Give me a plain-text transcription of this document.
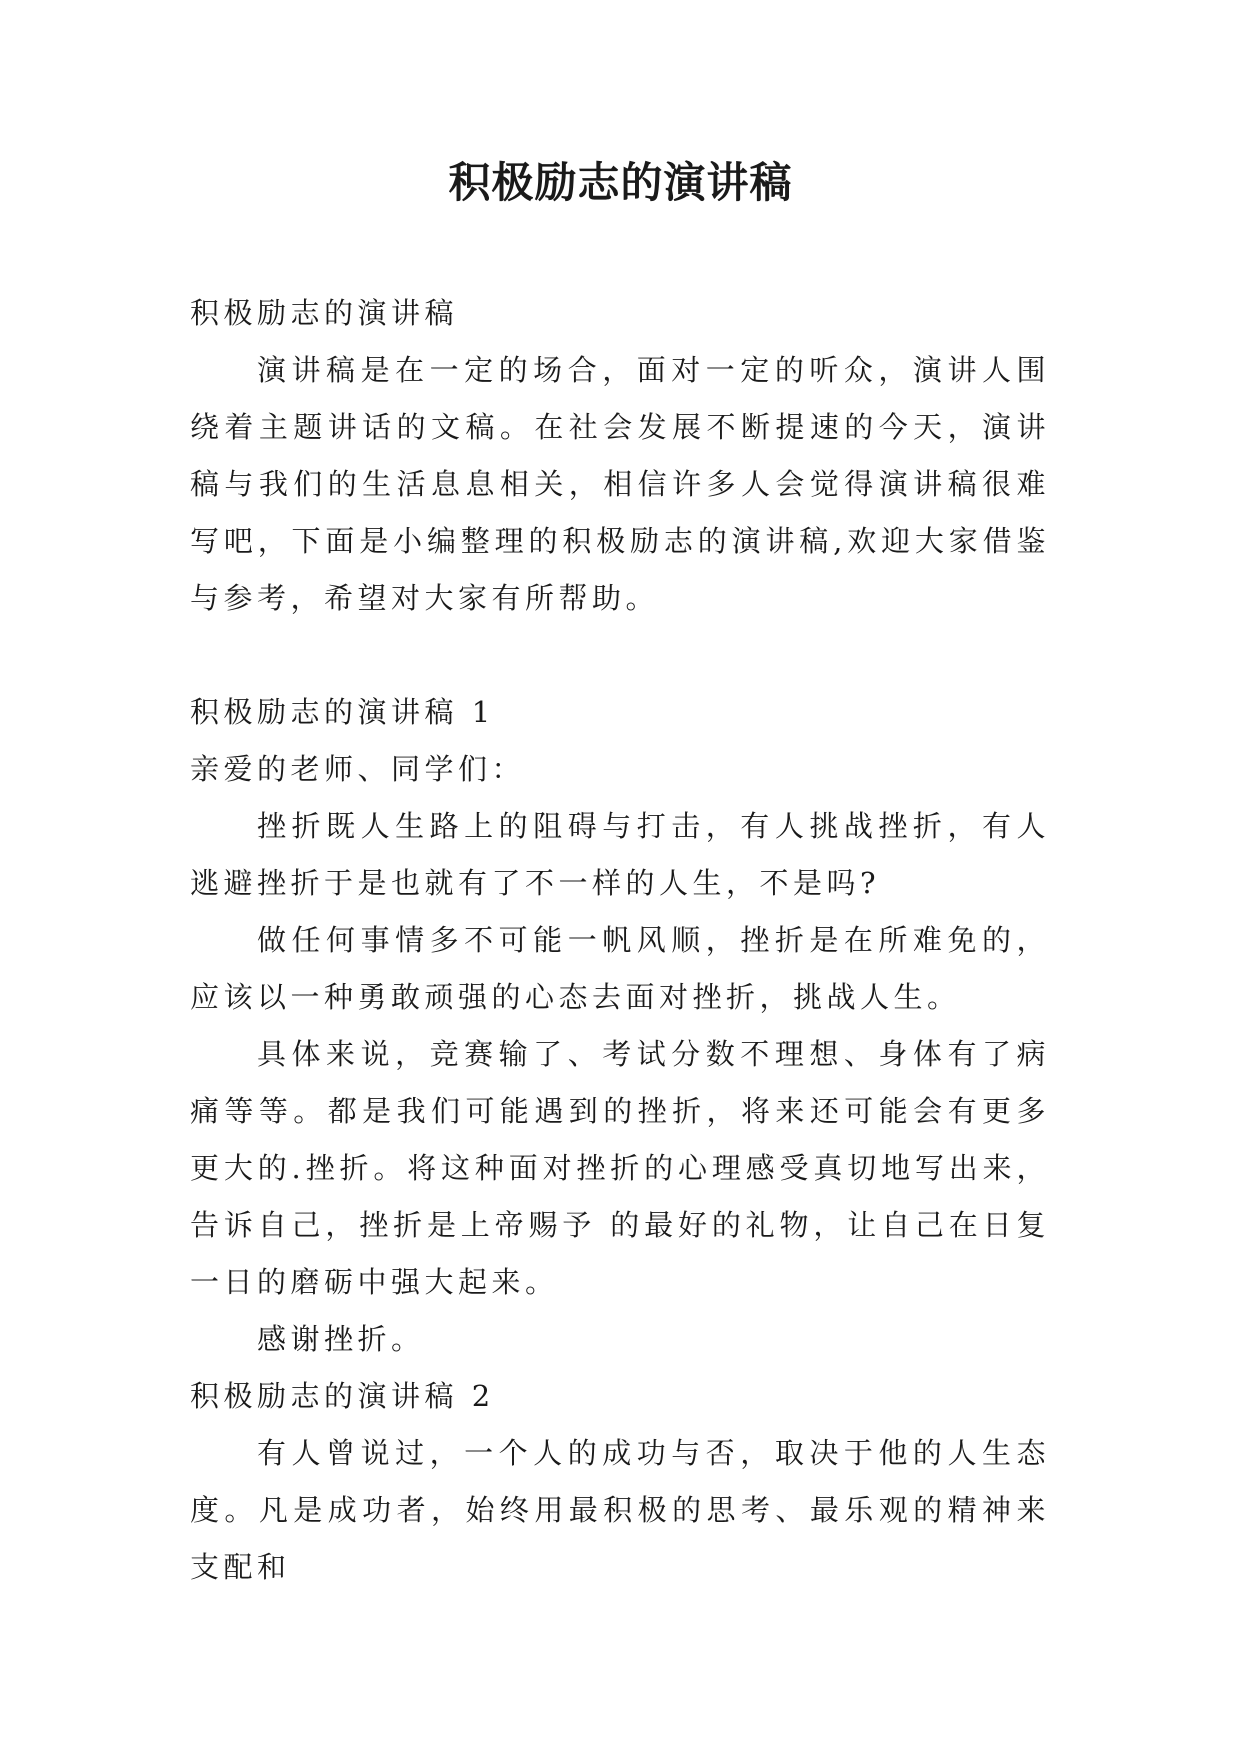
积极励志的演讲稿

积极励志的演讲稿

演讲稿是在一定的场合，面对一定的听众，演讲人围绕着主题讲话的文稿。在社会发展不断提速的今天，演讲稿与我们的生活息息相关，相信许多人会觉得演讲稿很难写吧，下面是小编整理的积极励志的演讲稿,欢迎大家借鉴与参考，希望对大家有所帮助。

积极励志的演讲稿 1

亲爱的老师、同学们：

挫折既人生路上的阻碍与打击，有人挑战挫折，有人逃避挫折于是也就有了不一样的人生，不是吗?

做任何事情多不可能一帆风顺，挫折是在所难免的，应该以一种勇敢顽强的心态去面对挫折，挑战人生。

具体来说，竞赛输了、考试分数不理想、身体有了病痛等等。都是我们可能遇到的挫折，将来还可能会有更多更大的.挫折。将这种面对挫折的心理感受真切地写出来，告诉自己，挫折是上帝赐予 的最好的礼物，让自己在日复一日的磨砺中强大起来。

感谢挫折。

积极励志的演讲稿 2

有人曾说过，一个人的成功与否，取决于他的人生态度。凡是成功者，始终用最积极的思考、最乐观的精神来支配和
